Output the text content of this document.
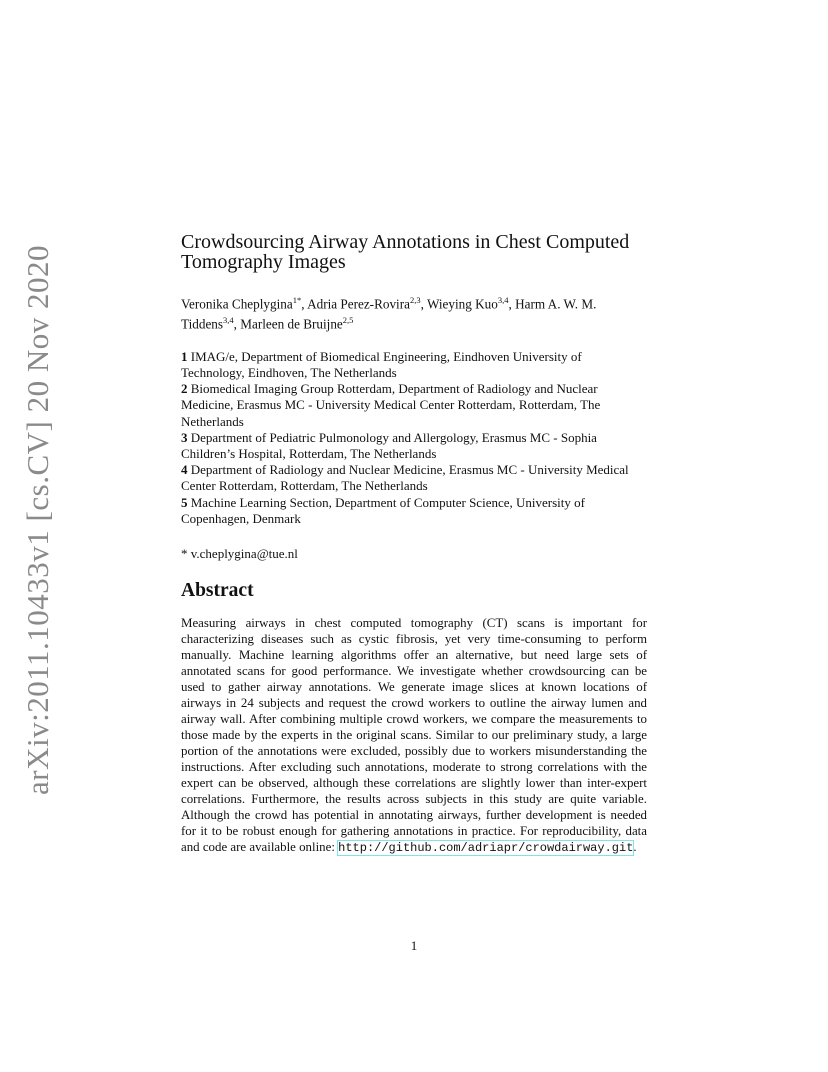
arXiv:2011.10433v1 [cs.CV] 20 Nov 2020
Crowdsourcing Airway Annotations in Chest Computed
Tomography Images
Veronika Cheplygina$^{1*}$, Adria Perez-Rovira$^{2,3}$, Wieying Kuo$^{3,4}$, Harm A. W. M. Tiddens$^{3,4}$, Marleen de Bruijne$^{2,5}$
1 IMAG/e, Department of Biomedical Engineering, Eindhoven University of Technology, Eindhoven, The Netherlands
2 Biomedical Imaging Group Rotterdam, Department of Radiology and Nuclear Medicine, Erasmus MC - University Medical Center Rotterdam, Rotterdam, The Netherlands
3 Department of Pediatric Pulmonology and Allergology, Erasmus MC - Sophia Children’s Hospital, Rotterdam, The Netherlands
4 Department of Radiology and Nuclear Medicine, Erasmus MC - University Medical Center Rotterdam, Rotterdam, The Netherlands
5 Machine Learning Section, Department of Computer Science, University of Copenhagen, Denmark
* v.cheplygina@tue.nl
Abstract
Measuring airways in chest computed tomography (CT) scans is important for characterizing diseases such as cystic fibrosis, yet very time-consuming to perform manually. Machine learning algorithms offer an alternative, but need large sets of annotated scans for good performance. We investigate whether crowdsourcing can be used to gather airway annotations. We generate image slices at known locations of airways in 24 subjects and request the crowd workers to outline the airway lumen and airway wall. After combining multiple crowd workers, we compare the measurements to those made by the experts in the original scans. Similar to our preliminary study, a large portion of the annotations were excluded, possibly due to workers misunderstanding the instructions. After excluding such annotations, moderate to strong correlations with the expert can be observed, although these correlations are slightly lower than inter-expert correlations. Furthermore, the results across subjects in this study are quite variable. Although the crowd has potential in annotating airways, further development is needed for it to be robust enough for gathering annotations in practice. For reproducibility, data and code are available online: http://github.com/adriapr/crowdairway.git.
1
